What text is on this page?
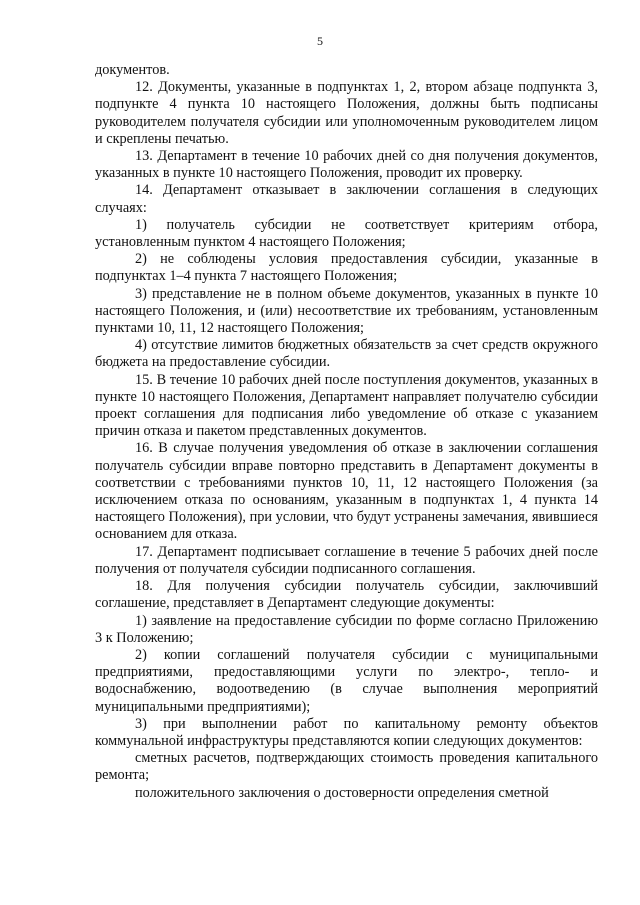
5

документов.

12. Документы, указанные в подпунктах 1, 2, втором абзаце подпункта 3, подпункте 4 пункта 10 настоящего Положения, должны быть подписаны руководителем получателя субсидии или уполномоченным руководителем лицом и скреплены печатью.

13. Департамент в течение 10 рабочих дней со дня получения документов, указанных в пункте 10 настоящего Положения, проводит их проверку.

14. Департамент отказывает в заключении соглашения в следующих случаях:

1) получатель субсидии не соответствует критериям отбора, установленным пунктом 4 настоящего Положения;

2) не соблюдены условия предоставления субсидии, указанные в подпунктах 1–4 пункта 7 настоящего Положения;

3) представление не в полном объеме документов, указанных в пункте 10 настоящего Положения, и (или) несоответствие их требованиям, установленным пунктами 10, 11, 12 настоящего Положения;

4) отсутствие лимитов бюджетных обязательств за счет средств окружного бюджета на предоставление субсидии.

15. В течение 10 рабочих дней после поступления документов, указанных в пункте 10 настоящего Положения, Департамент направляет получателю субсидии проект соглашения для подписания либо уведомление об отказе с указанием причин отказа и пакетом представленных документов.

16. В случае получения уведомления об отказе в заключении соглашения получатель субсидии вправе повторно представить в Департамент документы в соответствии с требованиями пунктов 10, 11, 12 настоящего Положения (за исключением отказа по основаниям, указанным в подпунктах 1, 4 пункта 14 настоящего Положения), при условии, что будут устранены замечания, явившиеся основанием для отказа.

17. Департамент подписывает соглашение в течение 5 рабочих дней после получения от получателя субсидии подписанного соглашения.

18. Для получения субсидии получатель субсидии, заключивший соглашение, представляет в Департамент следующие документы:

1) заявление на предоставление субсидии по форме согласно Приложению 3 к Положению;

2) копии соглашений получателя субсидии с муниципальными предприятиями, предоставляющими услуги по электро-, тепло- и водоснабжению, водоотведению (в случае выполнения мероприятий муниципальными предприятиями);

3) при выполнении работ по капитальному ремонту объектов коммунальной инфраструктуры представляются копии следующих документов:

сметных расчетов, подтверждающих стоимость проведения капитального ремонта;

положительного заключения о достоверности определения сметной
